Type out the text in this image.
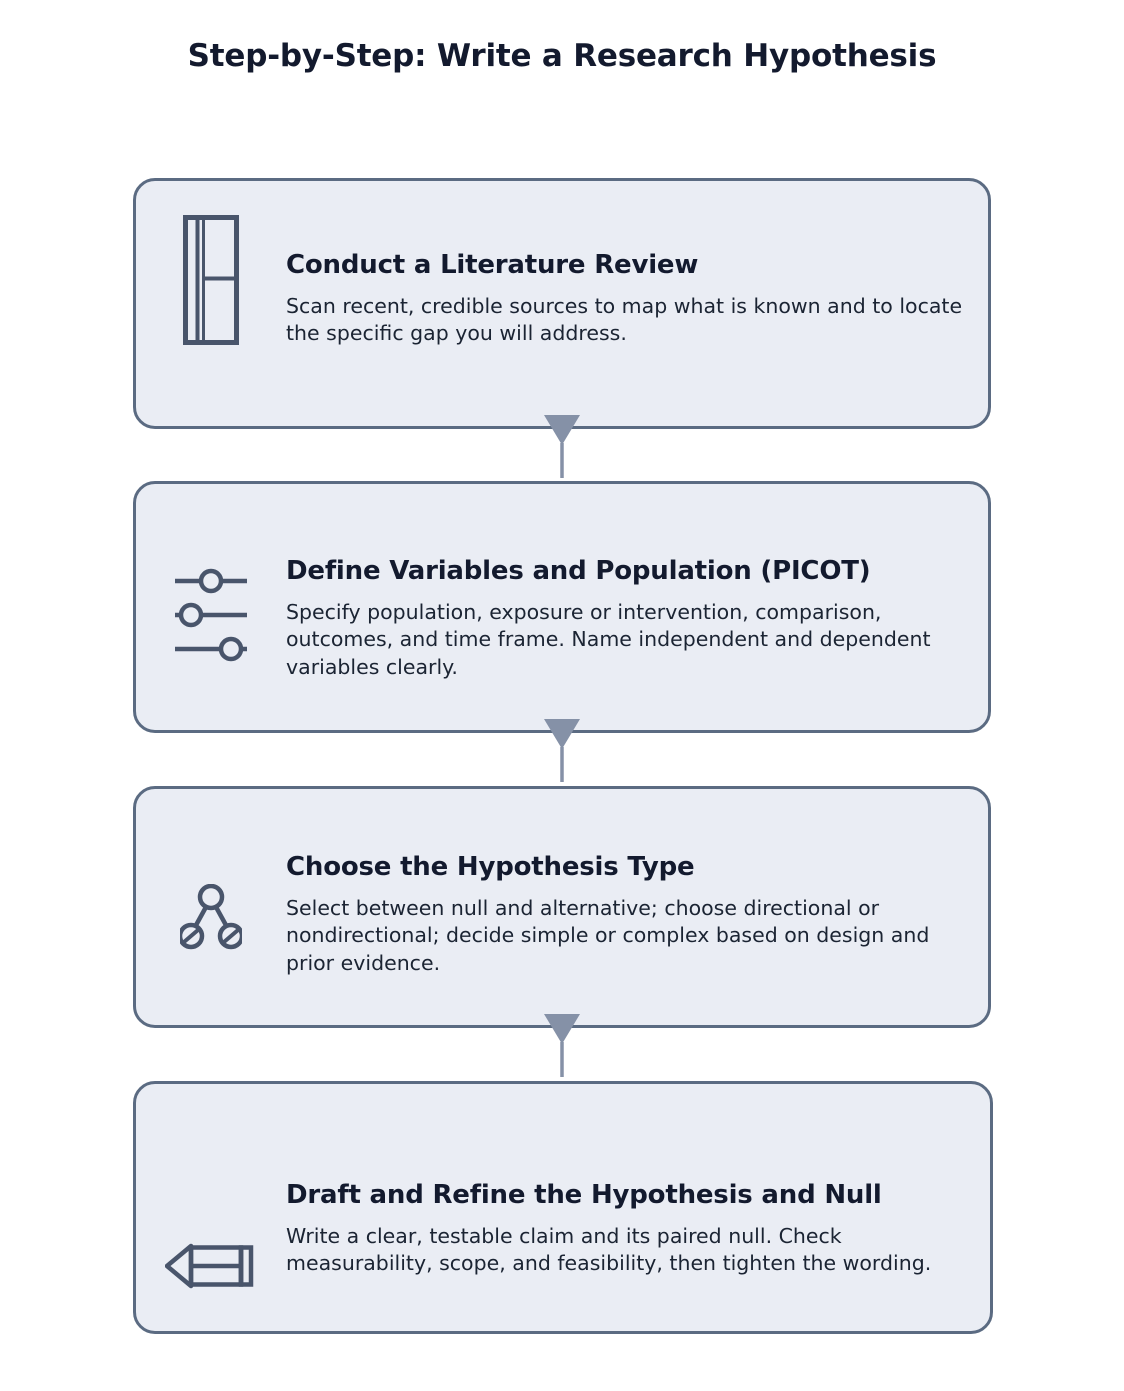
Step-by-Step: Write a Research Hypothesis
Conduct a Literature Review

Scan recent, credible sources to map what is known and to locate the specific gap you will address.

Define Variables and Population (PICOT)

Specify population, exposure or intervention, comparison, outcomes, and time frame. Name independent and dependent variables clearly.

Choose the Hypothesis Type

Select between null and alternative; choose directional or nondirectional; decide simple or complex based on design and prior evidence.

Draft and Refine the Hypothesis and Null

Write a clear, testable claim and its paired null. Check measurability, scope, and feasibility, then tighten the wording.
